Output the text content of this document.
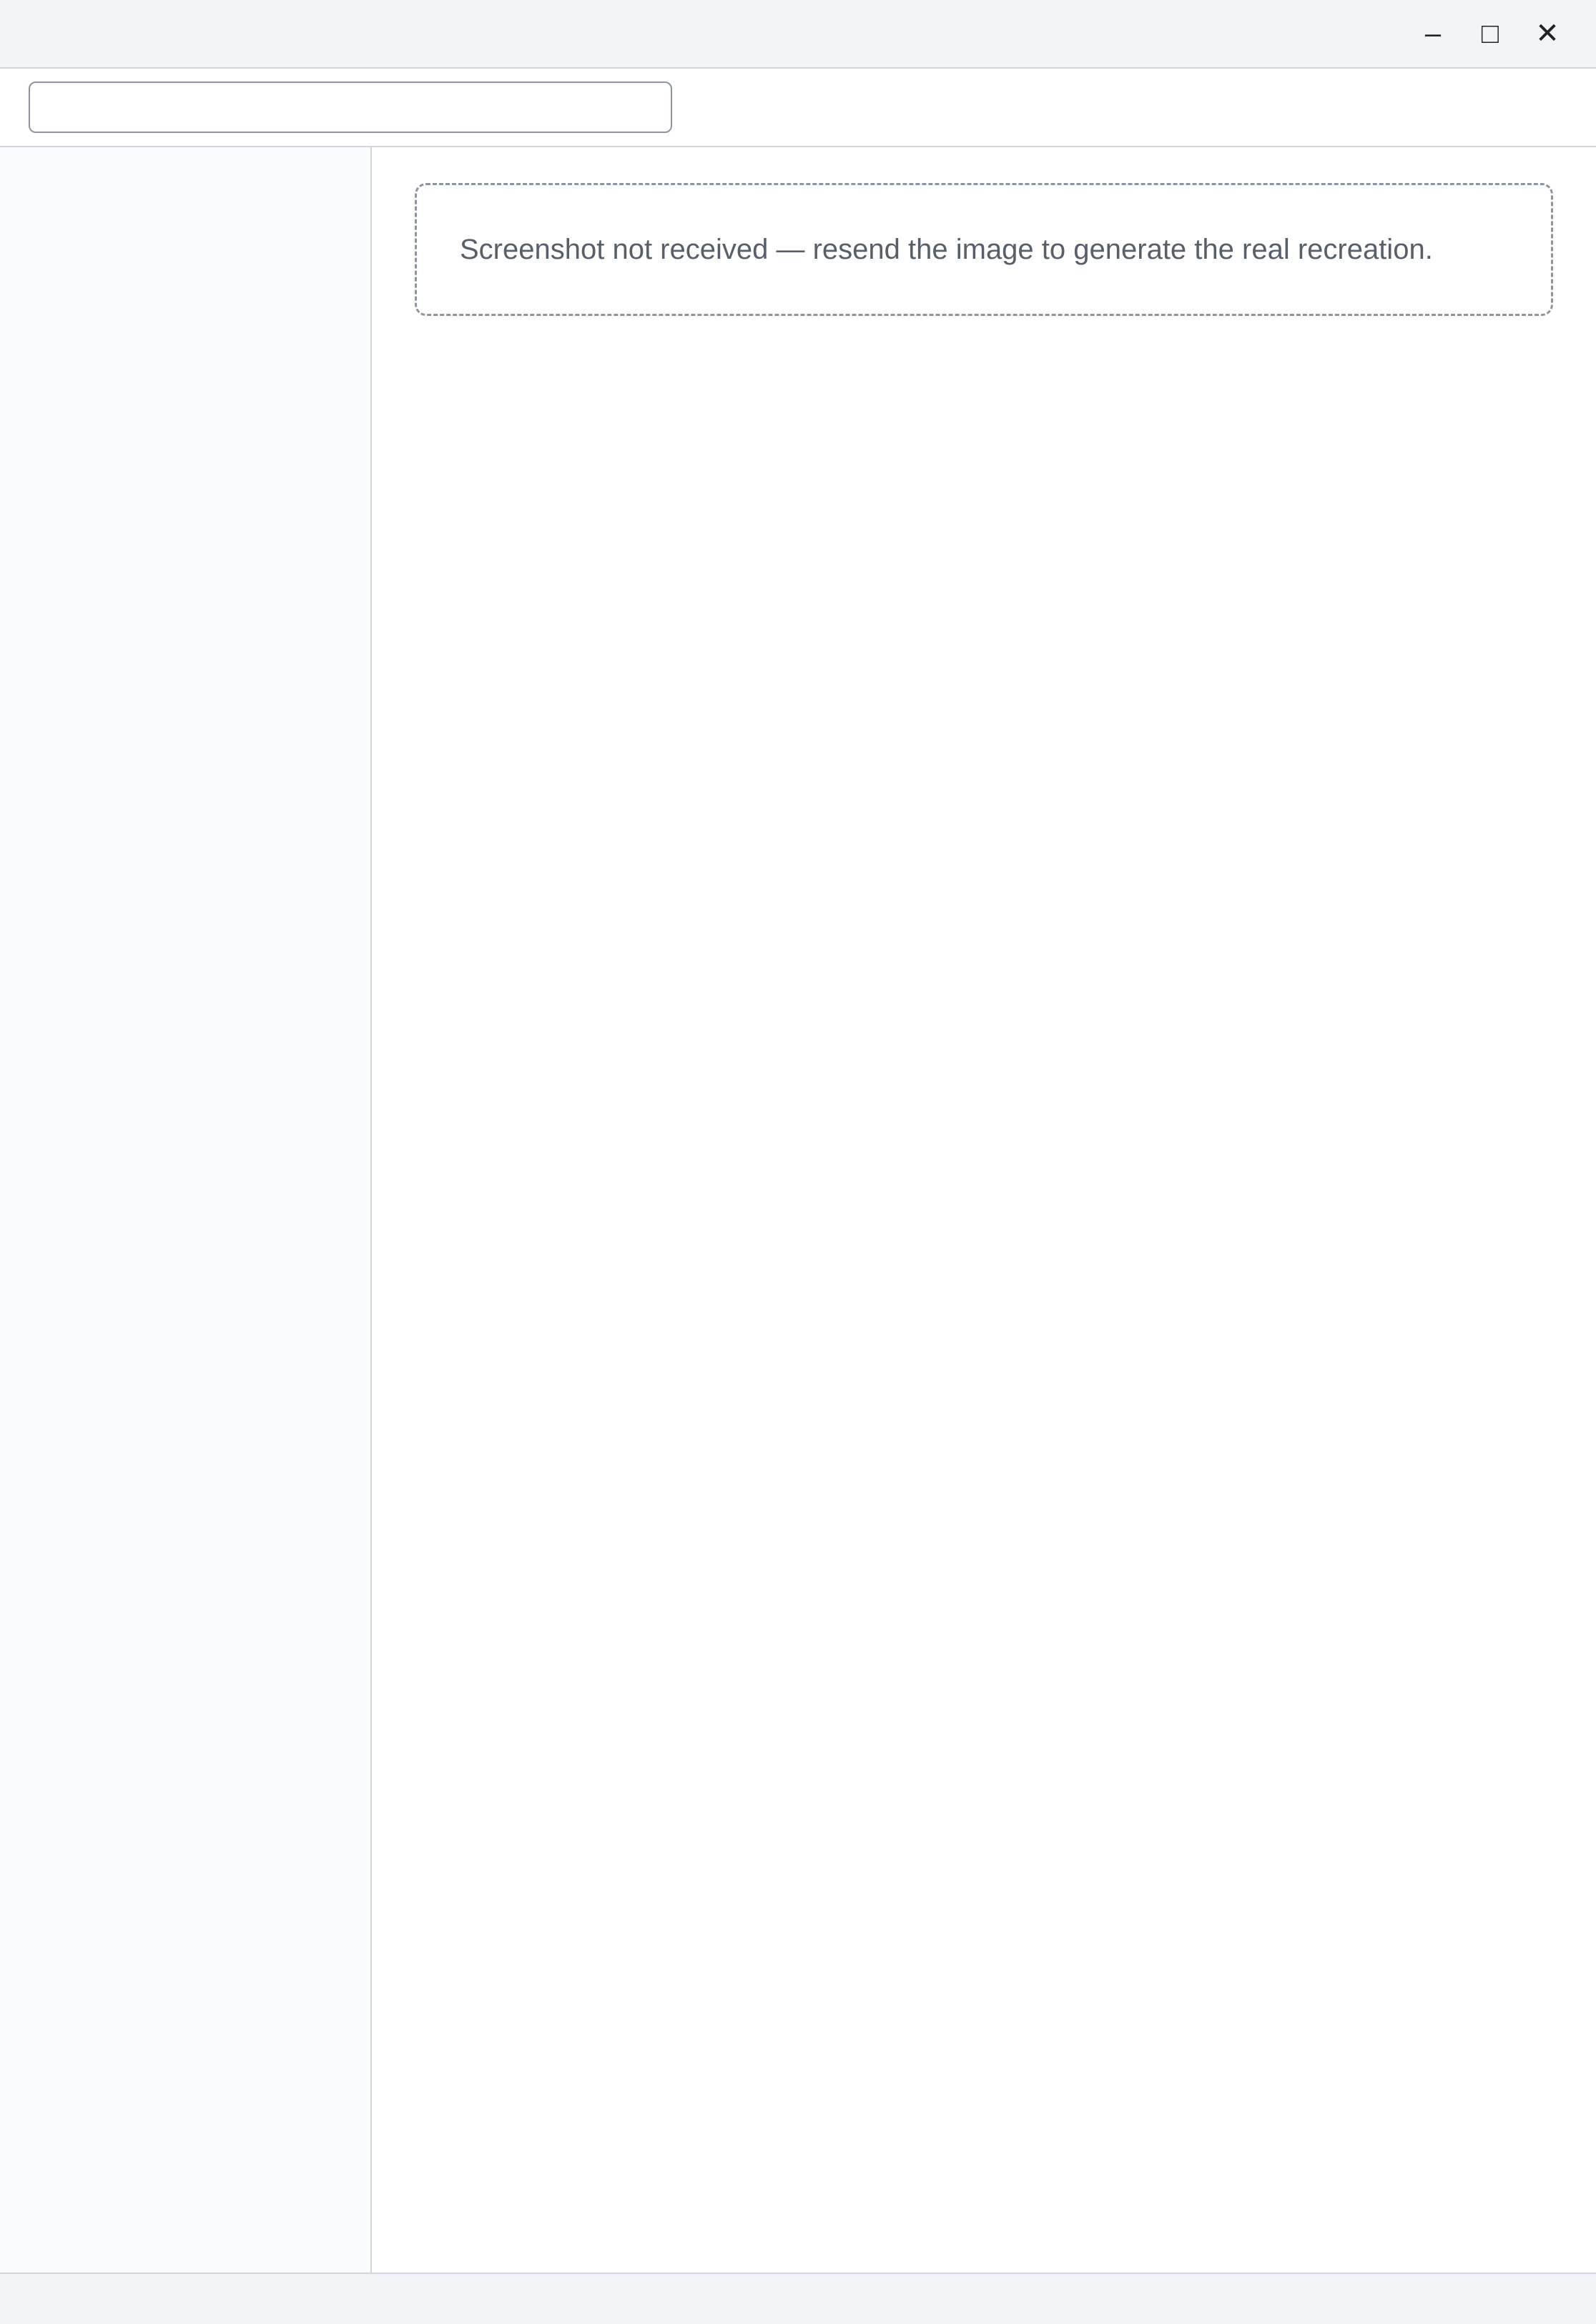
–	□	✕
Screenshot not received — resend the image to generate the real recreation.
